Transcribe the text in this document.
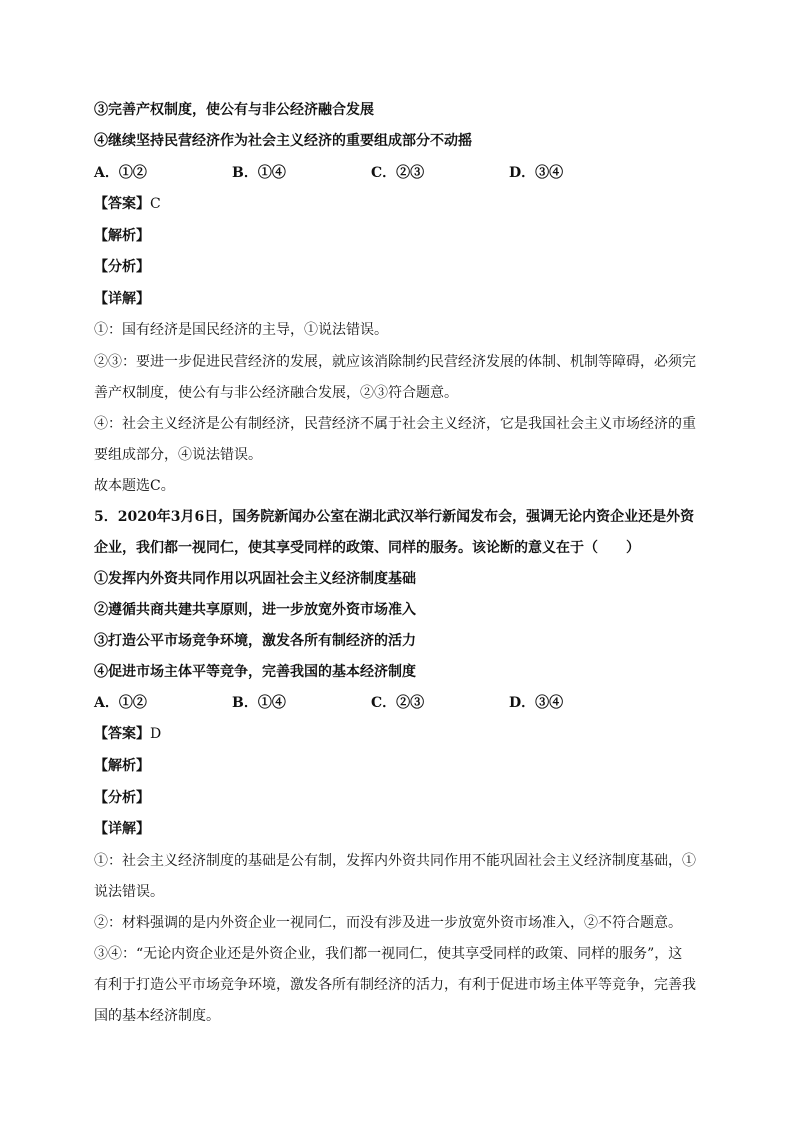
③完善产权制度，使公有与非公经济融合发展
④继续坚持民营经济作为社会主义经济的重要组成部分不动摇
A．①②	B．①④	C．②③	D．③④
【答案】C
【解析】
【分析】
【详解】
①：国有经济是国民经济的主导，①说法错误。
②③：要进一步促进民营经济的发展，就应该消除制约民营经济发展的体制、机制等障碍，必须完
善产权制度，使公有与非公经济融合发展，②③符合题意。
④：社会主义经济是公有制经济，民营经济不属于社会主义经济，它是我国社会主义市场经济的重
要组成部分，④说法错误。
故本题选C。
5．2020年3月6日，国务院新闻办公室在湖北武汉举行新闻发布会，强调无论内资企业还是外资
企业，我们都一视同仁，使其享受同样的政策、同样的服务。该论断的意义在于（　　）
①发挥内外资共同作用以巩固社会主义经济制度基础
②遵循共商共建共享原则，进一步放宽外资市场准入
③打造公平市场竞争环境，激发各所有制经济的活力
④促进市场主体平等竞争，完善我国的基本经济制度
A．①②	B．①④	C．②③	D．③④
【答案】D
【解析】
【分析】
【详解】
①：社会主义经济制度的基础是公有制，发挥内外资共同作用不能巩固社会主义经济制度基础，①
说法错误。
②：材料强调的是内外资企业一视同仁，而没有涉及进一步放宽外资市场准入，②不符合题意。
③④：“无论内资企业还是外资企业，我们都一视同仁，使其享受同样的政策、同样的服务”，这
有利于打造公平市场竞争环境，激发各所有制经济的活力，有利于促进市场主体平等竞争，完善我
国的基本经济制度。
